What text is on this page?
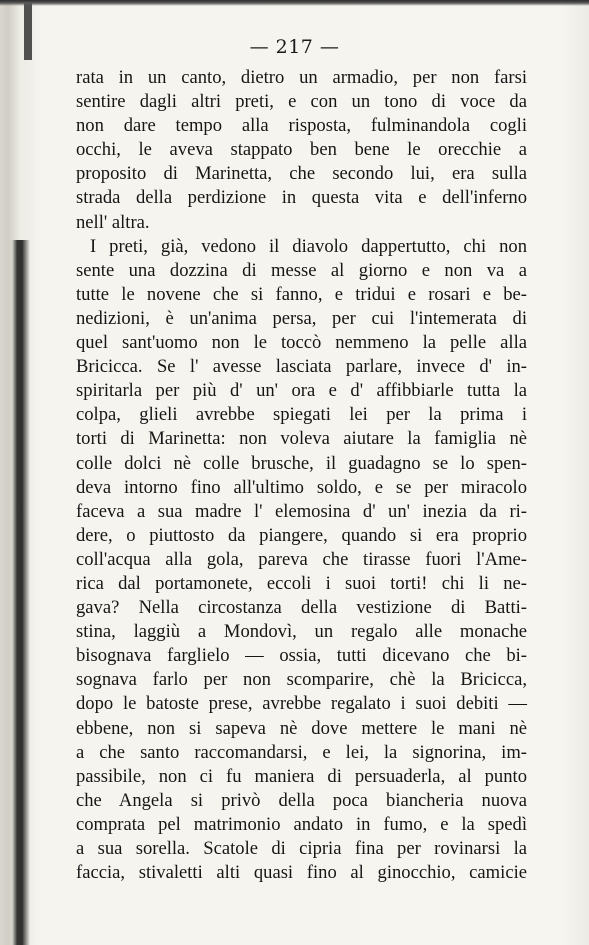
— 217 —
rata in un canto, dietro un armadio, per non farsi
sentire dagli altri preti, e con un tono di voce da
non dare tempo alla risposta, fulminandola cogli
occhi, le aveva stappato ben bene le orecchie a
proposito di Marinetta, che secondo lui, era sulla
strada della perdizione in questa vita e dell'inferno
nell' altra.
I preti, già, vedono il diavolo dappertutto, chi non
sente una dozzina di messe al giorno e non va a
tutte le novene che si fanno, e tridui e rosari e be-
nedizioni, è un'anima persa, per cui l'intemerata di
quel sant'uomo non le toccò nemmeno la pelle alla
Bricicca. Se l' avesse lasciata parlare, invece d' in-
spiritarla per più d' un' ora e d' affibbiarle tutta la
colpa, glieli avrebbe spiegati lei per la prima i
torti di Marinetta: non voleva aiutare la famiglia nè
colle dolci nè colle brusche, il guadagno se lo spen-
deva intorno fino all'ultimo soldo, e se per miracolo
faceva a sua madre l' elemosina d' un' inezia da ri-
dere, o piuttosto da piangere, quando si era proprio
coll'acqua alla gola, pareva che tirasse fuori l'Ame-
rica dal portamonete, eccoli i suoi torti! chi li ne-
gava? Nella circostanza della vestizione di Batti-
stina, laggiù a Mondovì, un regalo alle monache
bisognava farglielo — ossia, tutti dicevano che bi-
sognava farlo per non scomparire, chè la Bricicca,
dopo le batoste prese, avrebbe regalato i suoi debiti —
ebbene, non si sapeva nè dove mettere le mani nè
a che santo raccomandarsi, e lei, la signorina, im-
passibile, non ci fu maniera di persuaderla, al punto
che Angela si privò della poca biancheria nuova
comprata pel matrimonio andato in fumo, e la spedì
a sua sorella. Scatole di cipria fina per rovinarsi la
faccia, stivaletti alti quasi fino al ginocchio, camicie
